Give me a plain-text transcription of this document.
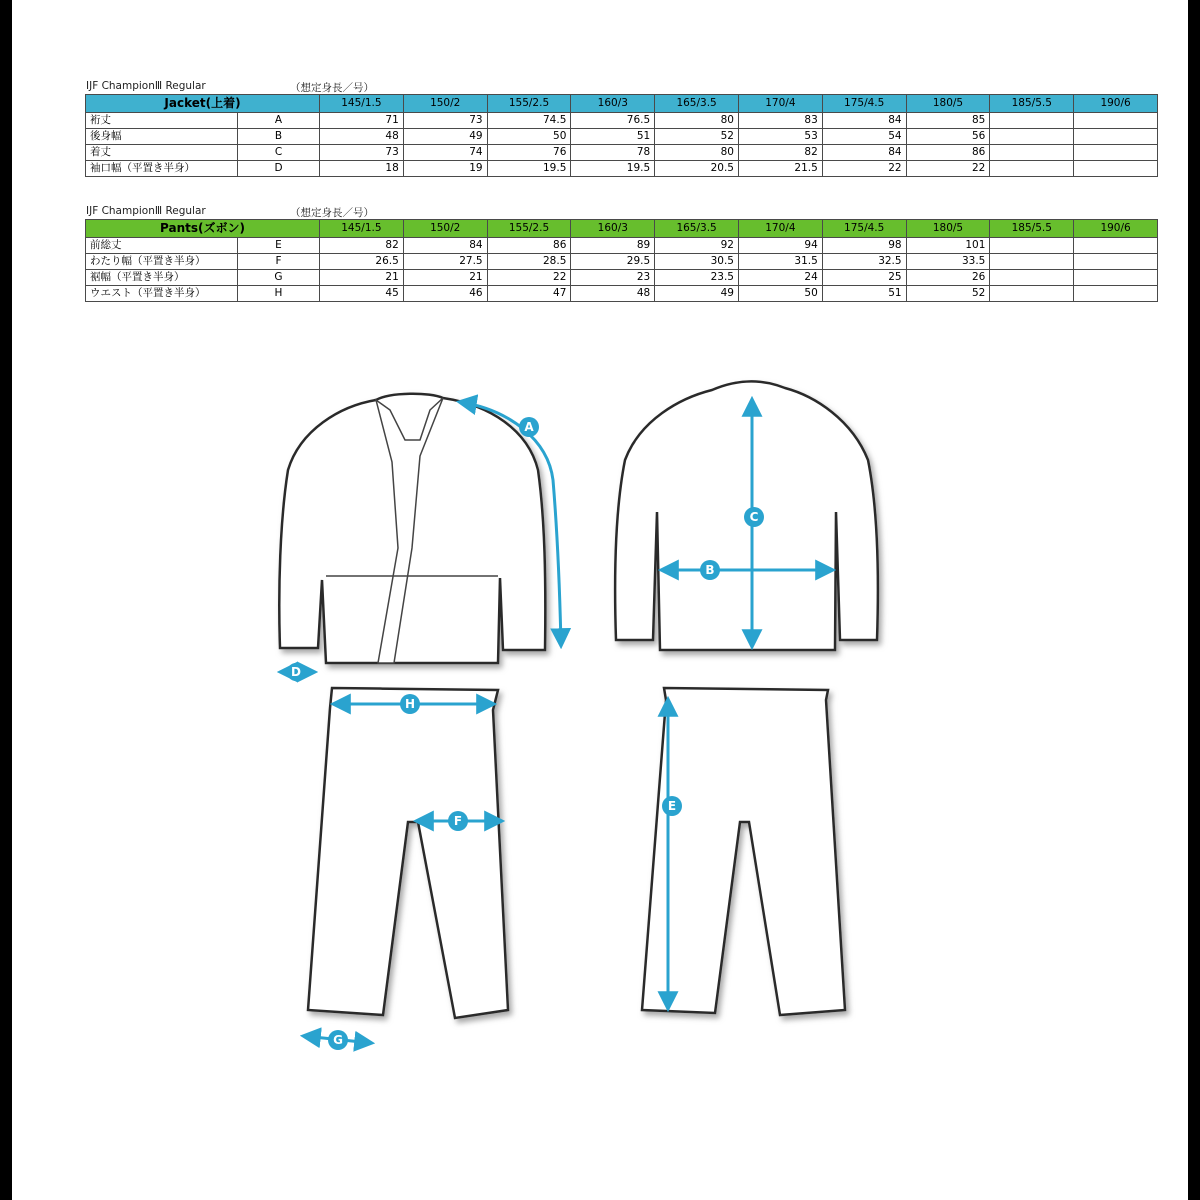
IJF ChampionⅢ Regular	（想定身長／号）
Jacket(上着)		145/1.5	150/2	155/2.5	160/3	165/3.5	170/4	175/4.5	180/5	185/5.5	190/6
裄丈	A	71	73	74.5	76.5	80	83	84	85		
後身幅	B	48	49	50	51	52	53	54	56		
着丈	C	73	74	76	78	80	82	84	86		
袖口幅（平置き半身）	D	18	19	19.5	19.5	20.5	21.5	22	22		
IJF ChampionⅢ Regular	（想定身長／号）
Pants(ズボン)		145/1.5	150/2	155/2.5	160/3	165/3.5	170/4	175/4.5	180/5	185/5.5	190/6
前総丈	E	82	84	86	89	92	94	98	101		
わたり幅（平置き半身）	F	26.5	27.5	28.5	29.5	30.5	31.5	32.5	33.5		
裾幅（平置き半身）	G	21	21	22	23	23.5	24	25	26		
ウエスト（平置き半身）	H	45	46	47	48	49	50	51	52		
A
C
B
D
H
F
E
G
